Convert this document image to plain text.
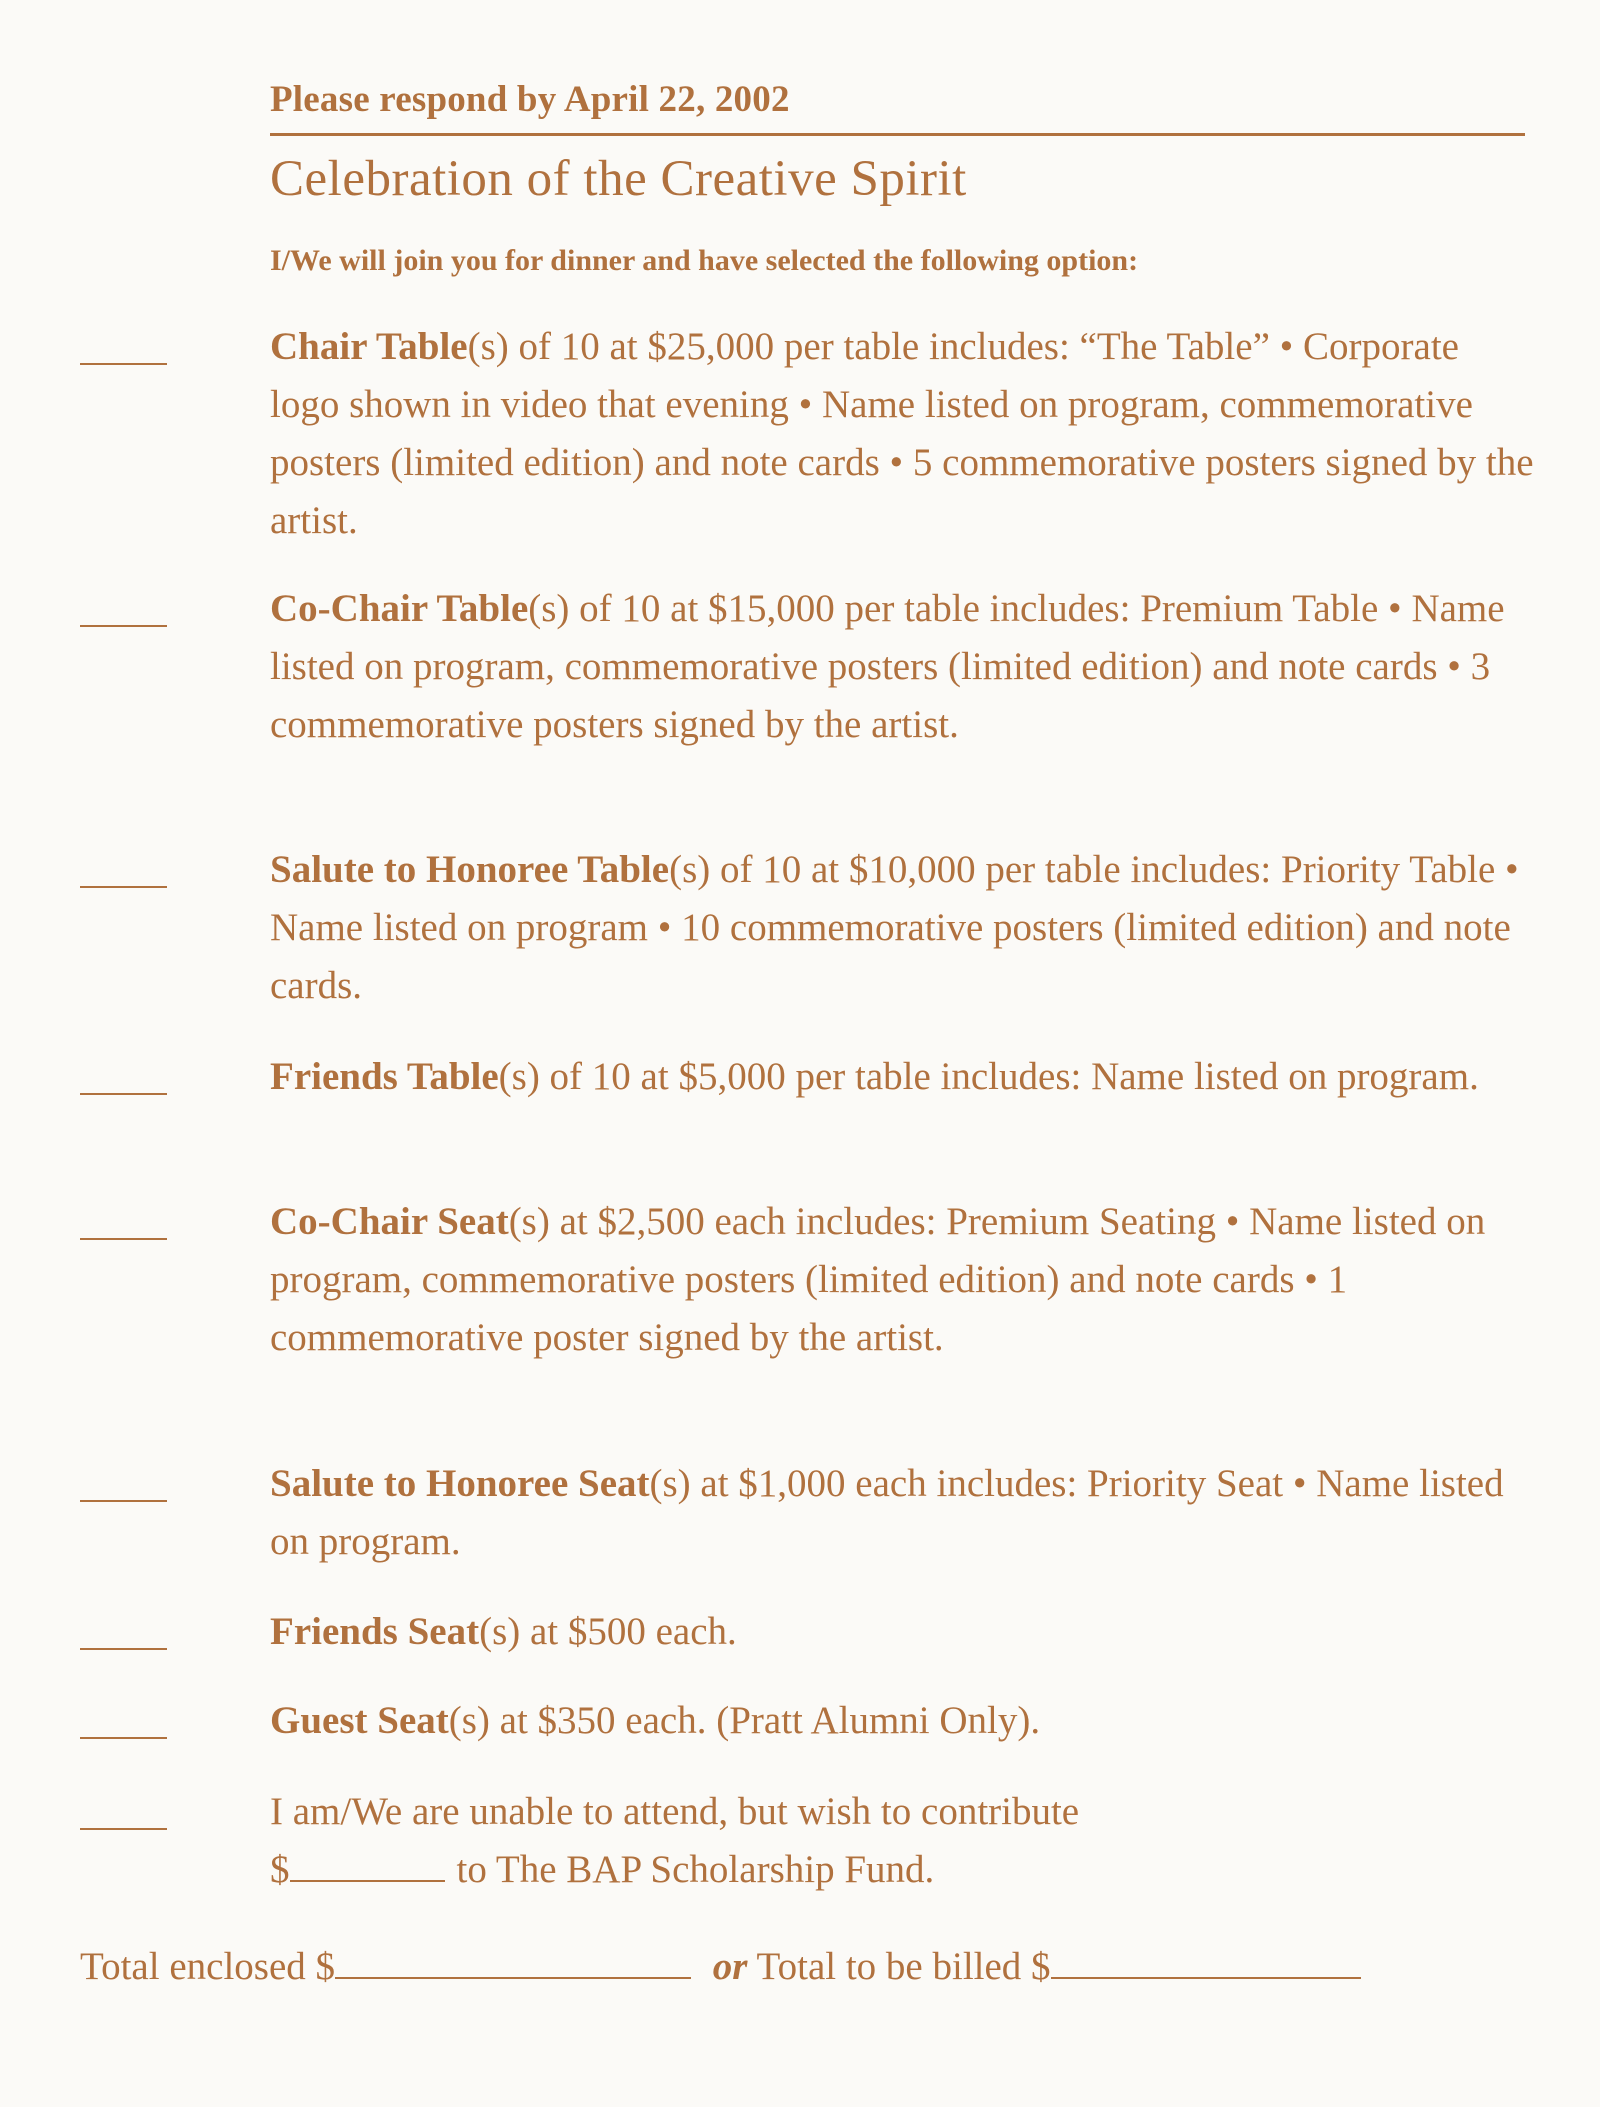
Please respond by April 22, 2002
Celebration of the Creative Spirit
I/We will join you for dinner and have selected the following option:
Chair Table(s) of 10 at $25,000 per table includes: “The Table” • Corporate logo shown in video that evening • Name listed on program, commemorative posters (limited edition) and note cards • 5 commemorative posters signed by the artist.
Co-Chair Table(s) of 10 at $15,000 per table includes: Premium Table • Name listed on program, commemorative posters (limited edition) and note cards • 3 commemorative posters signed by the artist.
Salute to Honoree Table(s) of 10 at $10,000 per table includes: Priority Table • Name listed on program • 10 commemorative posters (limited edition) and note cards.
Friends Table(s) of 10 at $5,000 per table includes: Name listed on program.
Co-Chair Seat(s) at $2,500 each includes: Premium Seating • Name listed on program, commemorative posters (limited edition) and note cards • 1 commemorative poster signed by the artist.
Salute to Honoree Seat(s) at $1,000 each includes: Priority Seat • Name listed on program.
Friends Seat(s) at $500 each.
Guest Seat(s) at $350 each. (Pratt Alumni Only).
I am/We are unable to attend, but wish to contribute
$	to The BAP Scholarship Fund.
Total enclosed $	or Total to be billed $
